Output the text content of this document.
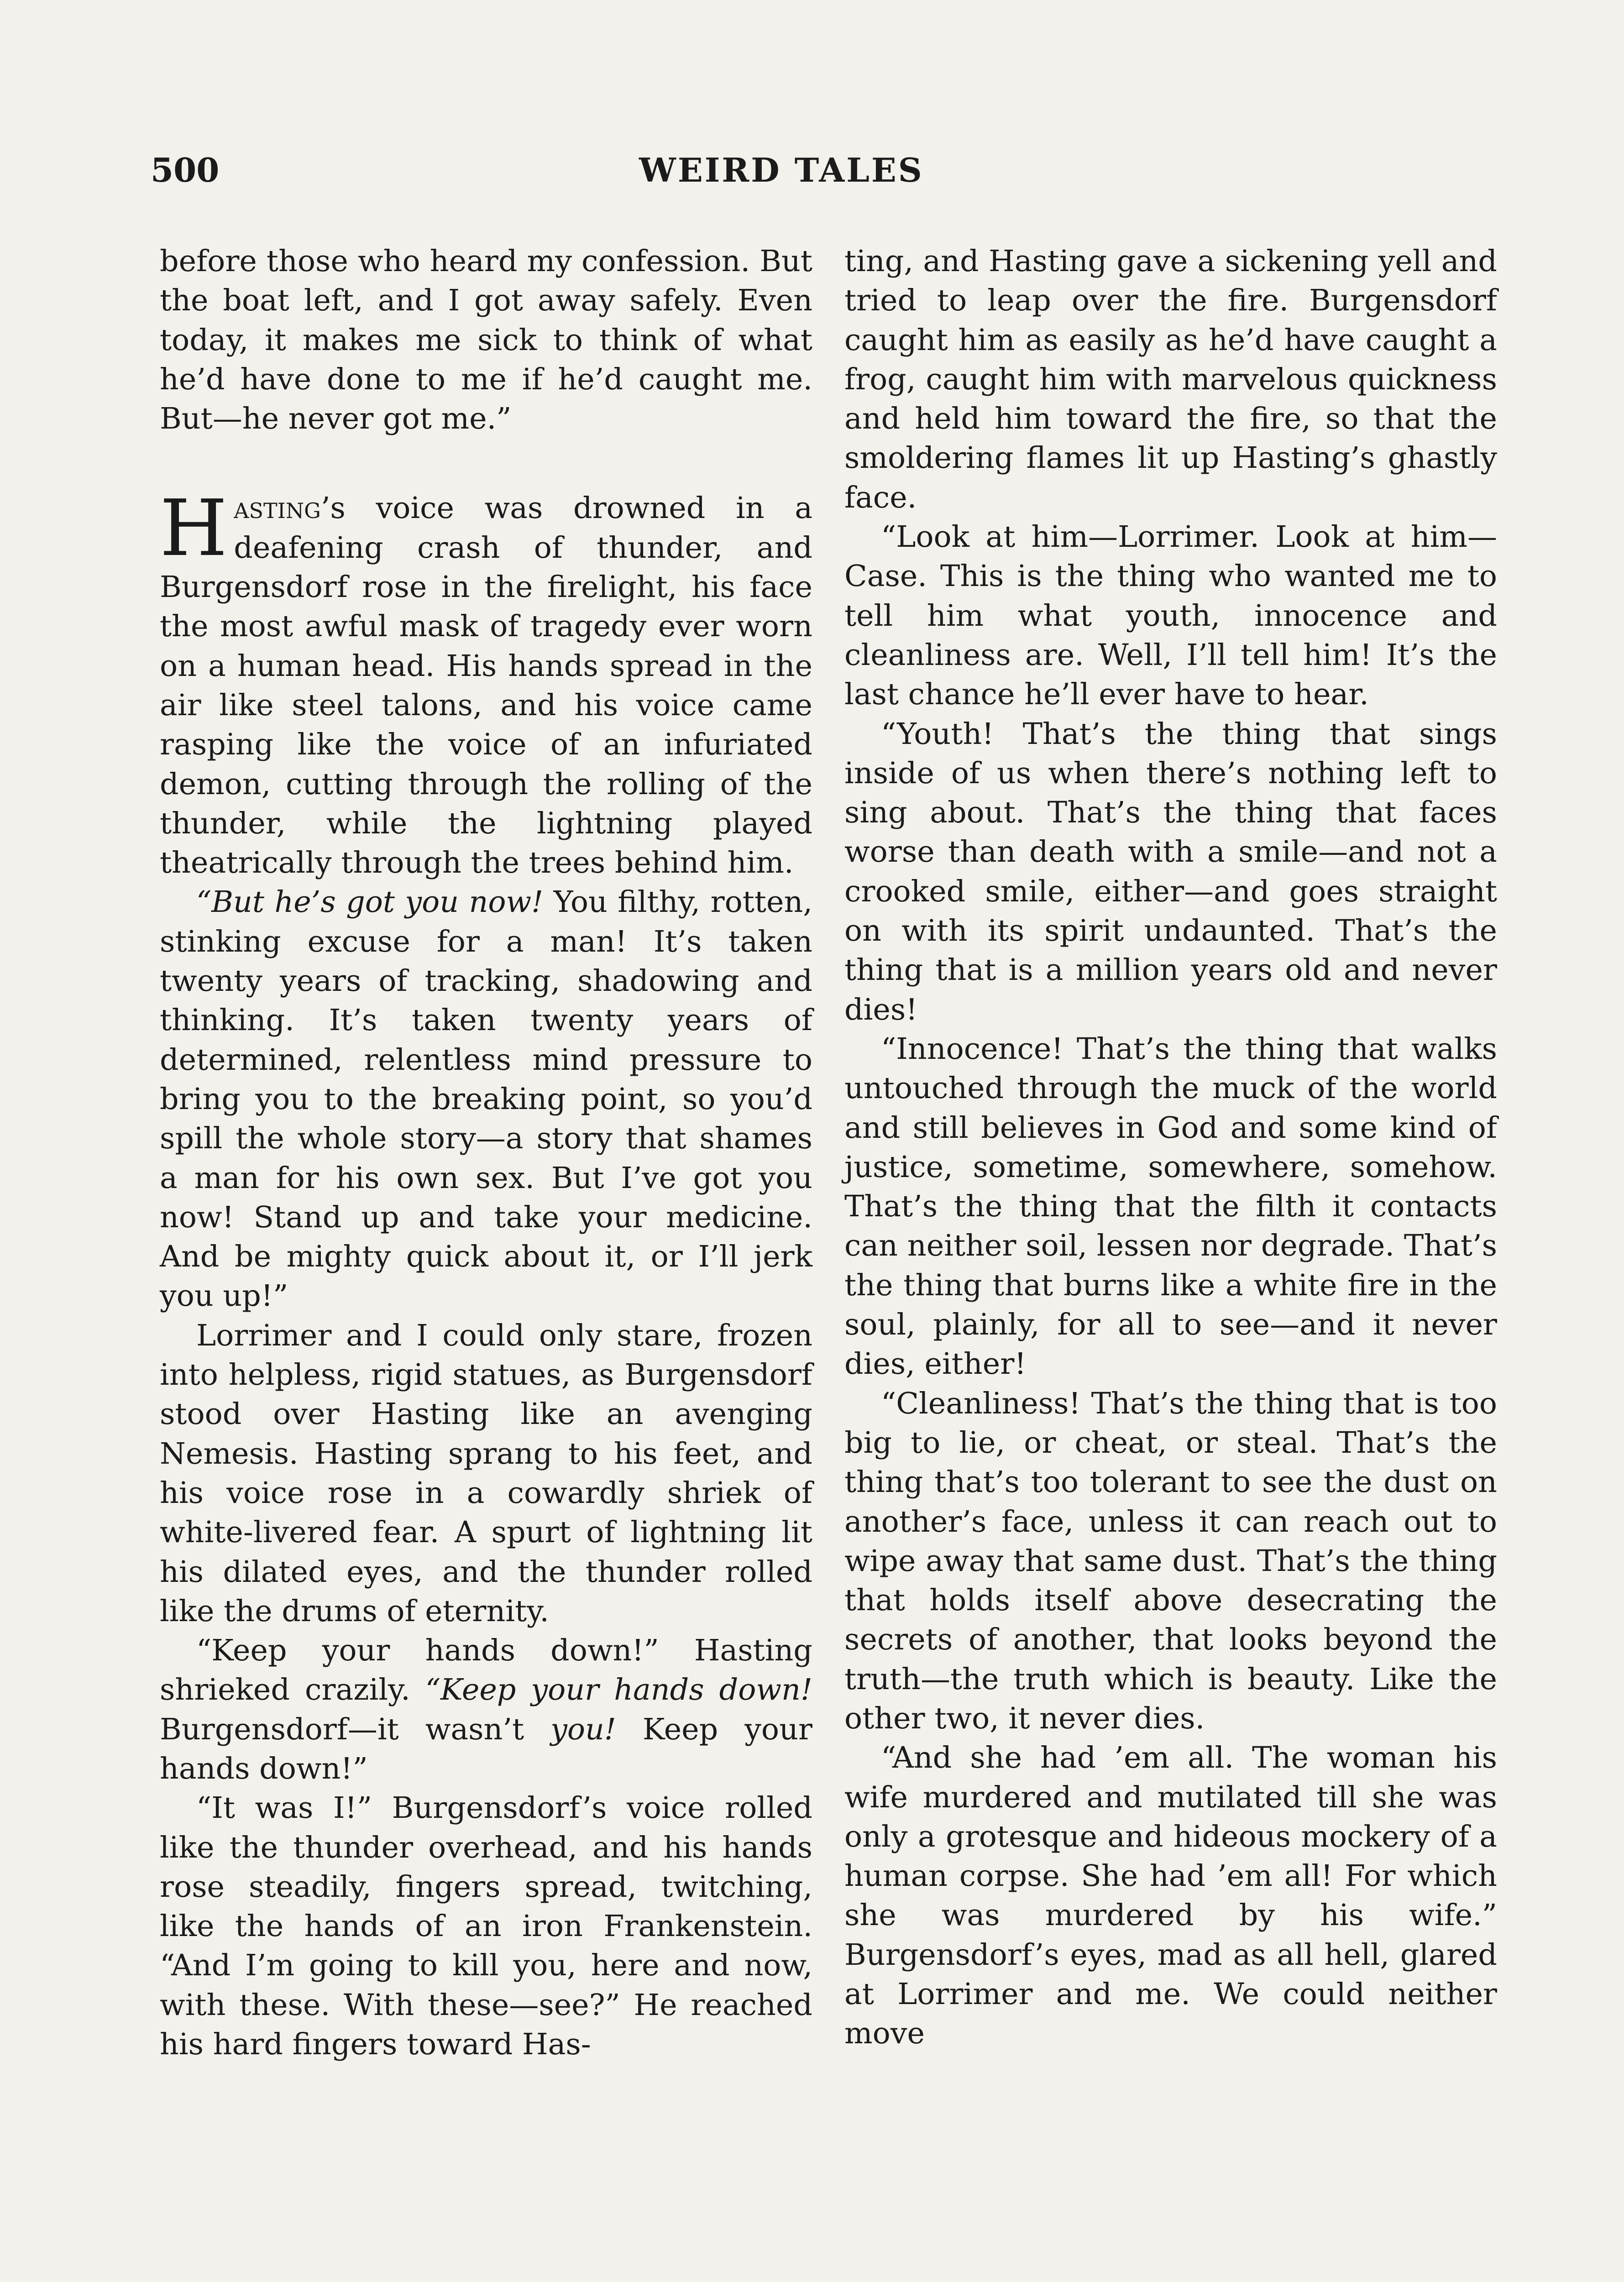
500	WEIRD TALES

before those who heard my confession. But the boat left, and I got away safely. Even today, it makes me sick to think of what he’d have done to me if he’d caught me. But—he never got me.”

Hasting’s voice was drowned in a deafening crash of thunder, and Burgensdorf rose in the firelight, his face the most awful mask of tragedy ever worn on a human head. His hands spread in the air like steel talons, and his voice came rasping like the voice of an infuriated demon, cutting through the rolling of the thunder, while the lightning played theatrically through the trees behind him.

“But he’s got you now! You filthy, rotten, stinking excuse for a man! It’s taken twenty years of tracking, shadowing and thinking. It’s taken twenty years of determined, relentless mind pressure to bring you to the breaking point, so you’d spill the whole story—a story that shames a man for his own sex. But I’ve got you now! Stand up and take your medicine. And be mighty quick about it, or I’ll jerk you up!”

Lorrimer and I could only stare, frozen into helpless, rigid statues, as Burgensdorf stood over Hasting like an avenging Nemesis. Hasting sprang to his feet, and his voice rose in a cowardly shriek of white-livered fear. A spurt of lightning lit his dilated eyes, and the thunder rolled like the drums of eternity.

“Keep your hands down!” Hasting shrieked crazily. “Keep your hands down! Burgensdorf—it wasn’t you! Keep your hands down!”

“It was I!” Burgensdorf’s voice rolled like the thunder overhead, and his hands rose steadily, fingers spread, twitching, like the hands of an iron Frankenstein. “And I’m going to kill you, here and now, with these. With these—see?” He reached his hard fingers toward Has-

ting, and Hasting gave a sickening yell and tried to leap over the fire. Burgensdorf caught him as easily as he’d have caught a frog, caught him with marvelous quickness and held him toward the fire, so that the smoldering flames lit up Hasting’s ghastly face.

“Look at him—Lorrimer. Look at him—Case. This is the thing who wanted me to tell him what youth, innocence and cleanliness are. Well, I’ll tell him! It’s the last chance he’ll ever have to hear.

“Youth! That’s the thing that sings inside of us when there’s nothing left to sing about. That’s the thing that faces worse than death with a smile—and not a crooked smile, either—and goes straight on with its spirit undaunted. That’s the thing that is a million years old and never dies!

“Innocence! That’s the thing that walks untouched through the muck of the world and still believes in God and some kind of justice, sometime, somewhere, somehow. That’s the thing that the filth it contacts can neither soil, lessen nor degrade. That’s the thing that burns like a white fire in the soul, plainly, for all to see—and it never dies, either!

“Cleanliness! That’s the thing that is too big to lie, or cheat, or steal. That’s the thing that’s too tolerant to see the dust on another’s face, unless it can reach out to wipe away that same dust. That’s the thing that holds itself above desecrating the secrets of another, that looks beyond the truth—the truth which is beauty. Like the other two, it never dies.

“And she had ’em all. The woman his wife murdered and mutilated till she was only a grotesque and hideous mockery of a human corpse. She had ’em all! For which she was murdered by his wife.” Burgensdorf’s eyes, mad as all hell, glared at Lorrimer and me. We could neither move
